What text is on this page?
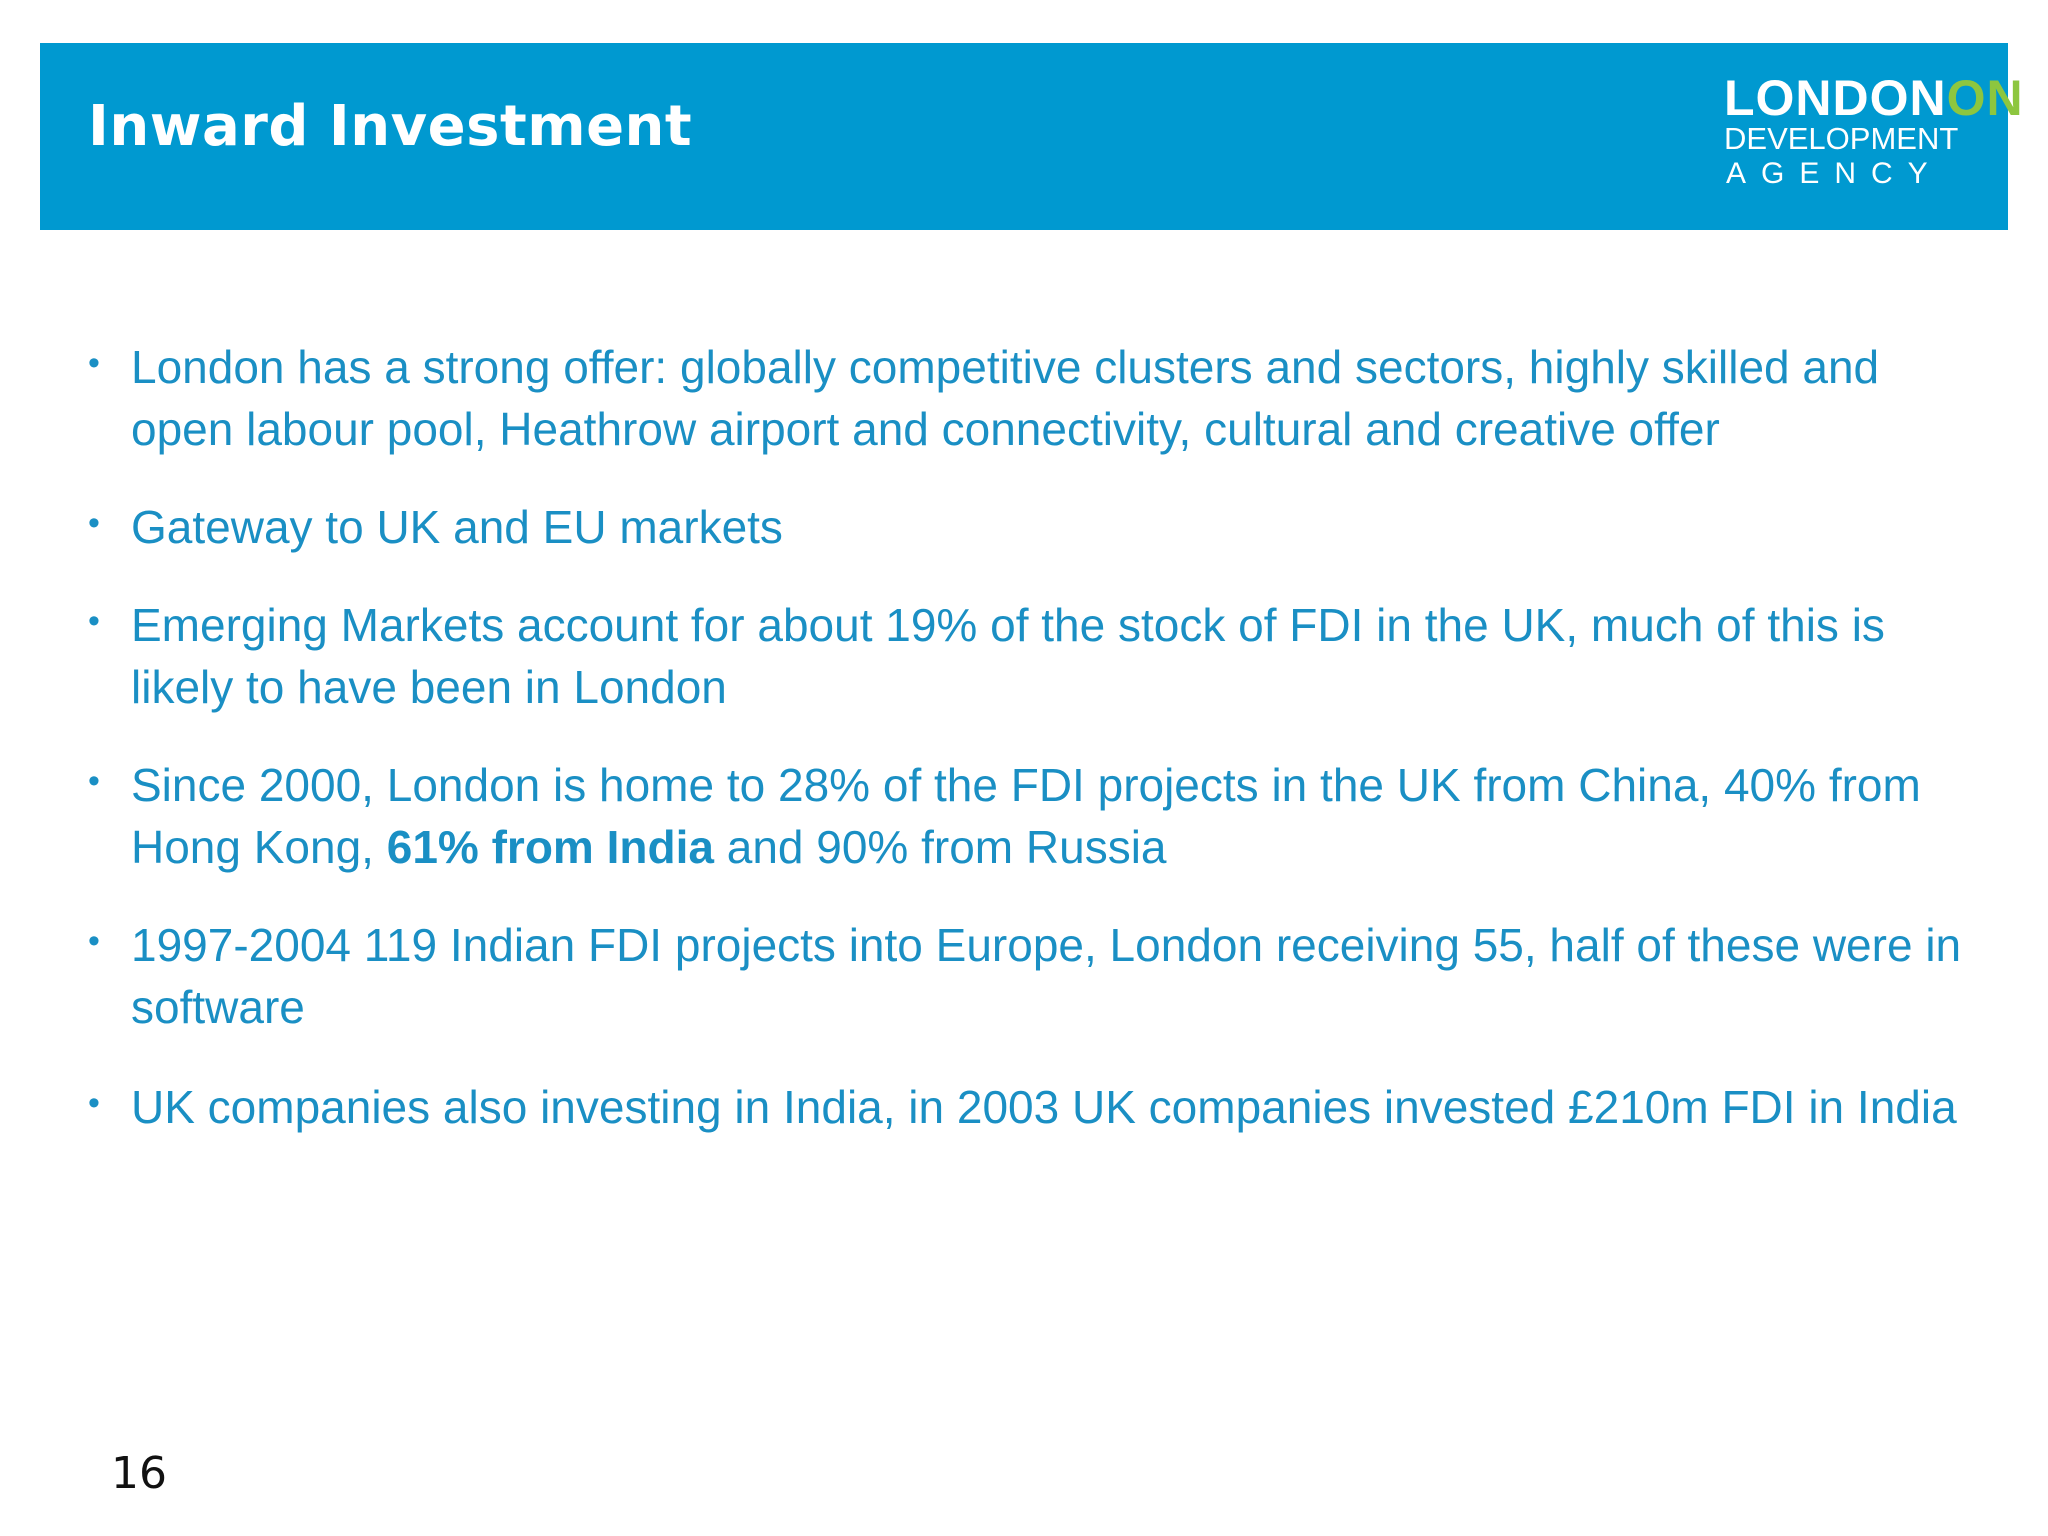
Inward Investment	LONDONON
DEVELOPMENT
AGENCY
• London has a strong offer: globally competitive clusters and sectors, highly skilled and open labour pool, Heathrow airport and connectivity, cultural and creative offer
• Gateway to UK and EU markets
• Emerging Markets account for about 19% of the stock of FDI in the UK, much of this is likely to have been in London
• Since 2000, London is home to 28% of the FDI projects in the UK from China, 40% from Hong Kong, 61% from India and 90% from Russia
• 1997-2004 119 Indian FDI projects into Europe, London receiving 55, half of these were in software
• UK companies also investing in India, in 2003 UK companies invested £210m FDI in India
16
